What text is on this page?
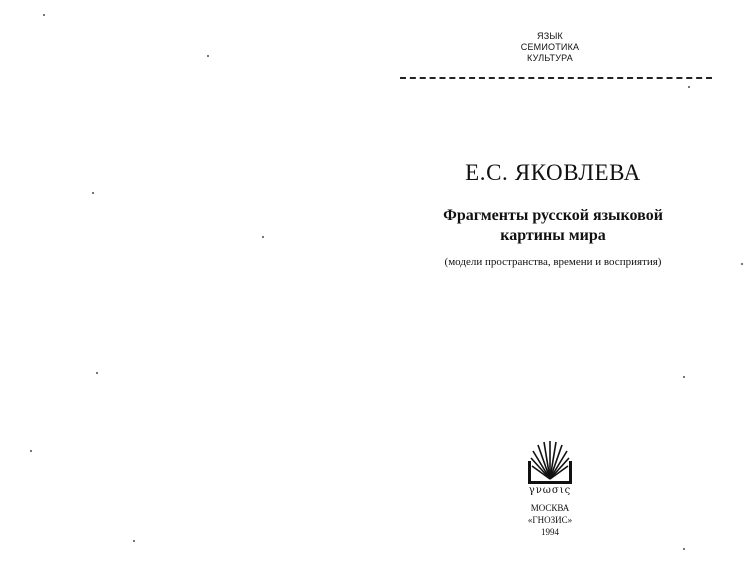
ЯЗЫК
СЕМИОТИКА
КУЛЬТУРА
Е.С. ЯКОВЛЕВА
Фрагменты русской языковой
картины мира
(модели пространства, времени и восприятия)
γνωσις
МОСКВА
«ГНОЗИС»
1994
